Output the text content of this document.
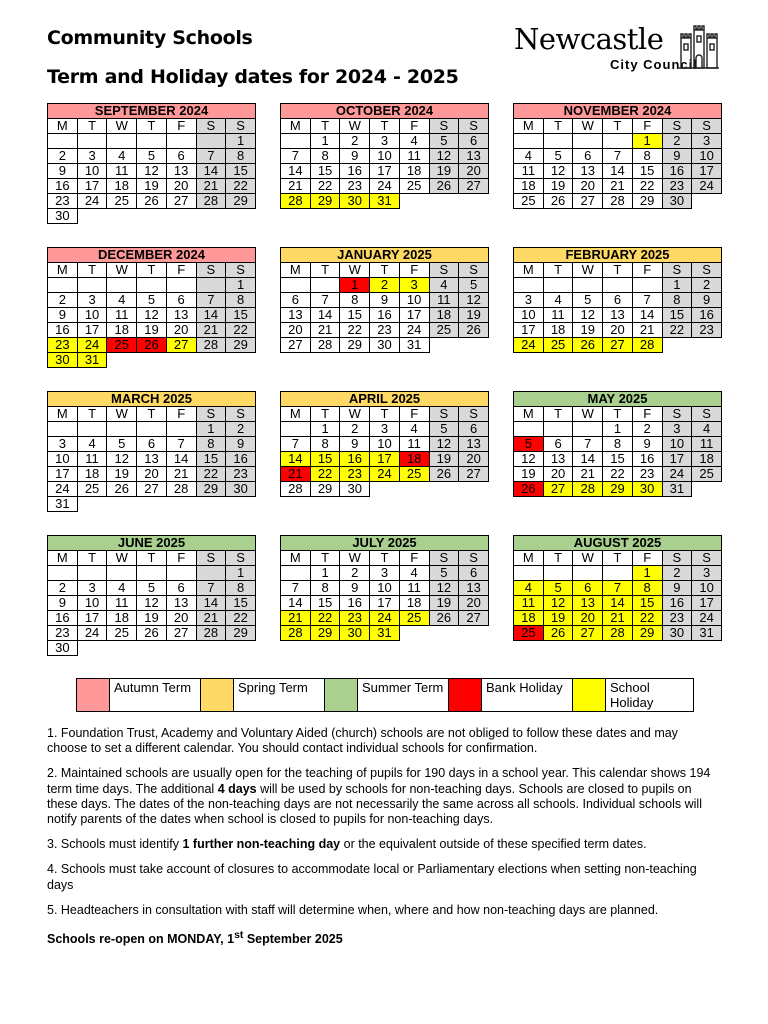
Community Schools
Term and Holiday dates for 2024 - 2025
Newcastle
City Council
SEPTEMBER 2024						
M	T	W	T	F	S	S
						1
2	3	4	5	6	7	8
9	10	11	12	13	14	15
16	17	18	19	20	21	22
23	24	25	26	27	28	29
30						
OCTOBER 2024						
M	T	W	T	F	S	S
	1	2	3	4	5	6
7	8	9	10	11	12	13
14	15	16	17	18	19	20
21	22	23	24	25	26	27
28	29	30	31			
NOVEMBER 2024						
M	T	W	T	F	S	S
				1	2	3
4	5	6	7	8	9	10
11	12	13	14	15	16	17
18	19	20	21	22	23	24
25	26	27	28	29	30	
DECEMBER 2024						
M	T	W	T	F	S	S
						1
2	3	4	5	6	7	8
9	10	11	12	13	14	15
16	17	18	19	20	21	22
23	24	25	26	27	28	29
30	31					
JANUARY 2025						
M	T	W	T	F	S	S
		1	2	3	4	5
6	7	8	9	10	11	12
13	14	15	16	17	18	19
20	21	22	23	24	25	26
27	28	29	30	31		
FEBRUARY 2025						
M	T	W	T	F	S	S
					1	2
3	4	5	6	7	8	9
10	11	12	13	14	15	16
17	18	19	20	21	22	23
24	25	26	27	28		
MARCH 2025						
M	T	W	T	F	S	S
					1	2
3	4	5	6	7	8	9
10	11	12	13	14	15	16
17	18	19	20	21	22	23
24	25	26	27	28	29	30
31						
APRIL 2025						
M	T	W	T	F	S	S
	1	2	3	4	5	6
7	8	9	10	11	12	13
14	15	16	17	18	19	20
21	22	23	24	25	26	27
28	29	30				
MAY 2025						
M	T	W	T	F	S	S
			1	2	3	4
5	6	7	8	9	10	11
12	13	14	15	16	17	18
19	20	21	22	23	24	25
26	27	28	29	30	31	
JUNE 2025						
M	T	W	T	F	S	S
						1
2	3	4	5	6	7	8
9	10	11	12	13	14	15
16	17	18	19	20	21	22
23	24	25	26	27	28	29
30						
JULY 2025						
M	T	W	T	F	S	S
	1	2	3	4	5	6
7	8	9	10	11	12	13
14	15	16	17	18	19	20
21	22	23	24	25	26	27
28	29	30	31			
AUGUST 2025						
M	T	W	T	F	S	S
				1	2	3
4	5	6	7	8	9	10
11	12	13	14	15	16	17
18	19	20	21	22	23	24
25	26	27	28	29	30	31
Autumn Term	Spring Term	Summer Term	Bank Holiday	School Holiday

1. Foundation Trust, Academy and Voluntary Aided (church) schools are not obliged to follow these dates and may choose to set a different calendar. You should contact individual schools for confirmation.

2. Maintained schools are usually open for the teaching of pupils for 190 days in a school year. This calendar shows 194 term time days. The additional 4 days will be used by schools for non-teaching days. Schools are closed to pupils on these days. The dates of the non-teaching days are not necessarily the same across all schools. Individual schools will notify parents of the dates when school is closed to pupils for non-teaching days.

3. Schools must identify 1 further non-teaching day or the equivalent outside of these specified term dates.

4. Schools must take account of closures to accommodate local or Parliamentary elections when setting non-teaching days

5. Headteachers in consultation with staff will determine when, where and how non-teaching days are planned.

Schools re-open on MONDAY, 1st September 2025
